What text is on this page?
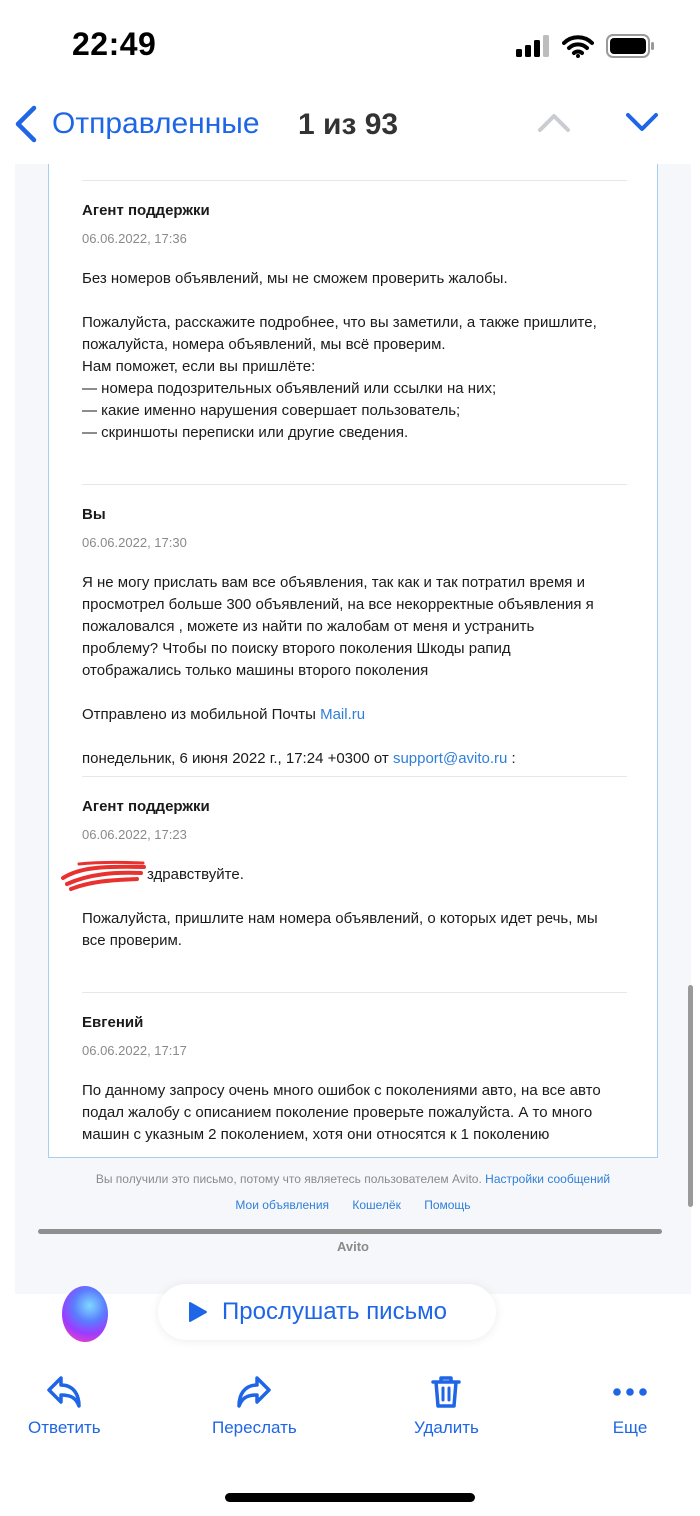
22:49
Отправленные 1 из 93
Агент поддержки
06.06.2022, 17:36

Без номеров объявлений, мы не сможем проверить жалобы.

Пожалуйста, расскажите подробнее, что вы заметили, а также пришлите,

пожалуйста, номера объявлений, мы всё проверим.

Нам поможет, если вы пришлёте:

— номера подозрительных объявлений или ссылки на них;

— какие именно нарушения совершает пользователь;

— скриншоты переписки или другие сведения.

Вы
06.06.2022, 17:30

Я не могу прислать вам все объявления, так как и так потратил время и

просмотрел больше 300 объявлений, на все некорректные объявления я

пожаловался , можете из найти по жалобам от меня и устранить

проблему? Чтобы по поиску второго поколения Шкоды рапид

отображались только машины второго поколения

Отправлено из мобильной Почты Mail.ru

понедельник, 6 июня 2022 г., 17:24 +0300 от support@avito.ru :

Агент поддержки
06.06.2022, 17:23

здравствуйте.

Пожалуйста, пришлите нам номера объявлений, о которых идет речь, мы

все проверим.

Евгений
06.06.2022, 17:17

По данному запросу очень много ошибок с поколениями авто, на все авто

подал жалобу с описанием поколение проверьте пожалуйста. А то много

машин с указным 2 поколением, хотя они относятся к 1 поколению

Вы получили это письмо, потому что являетесь пользователем Avito. Настройки сообщений
Мои объявления Кошелёк Помощь
Avito
Прослушать письмо
Ответить	Переслать	Удалить	Еще
